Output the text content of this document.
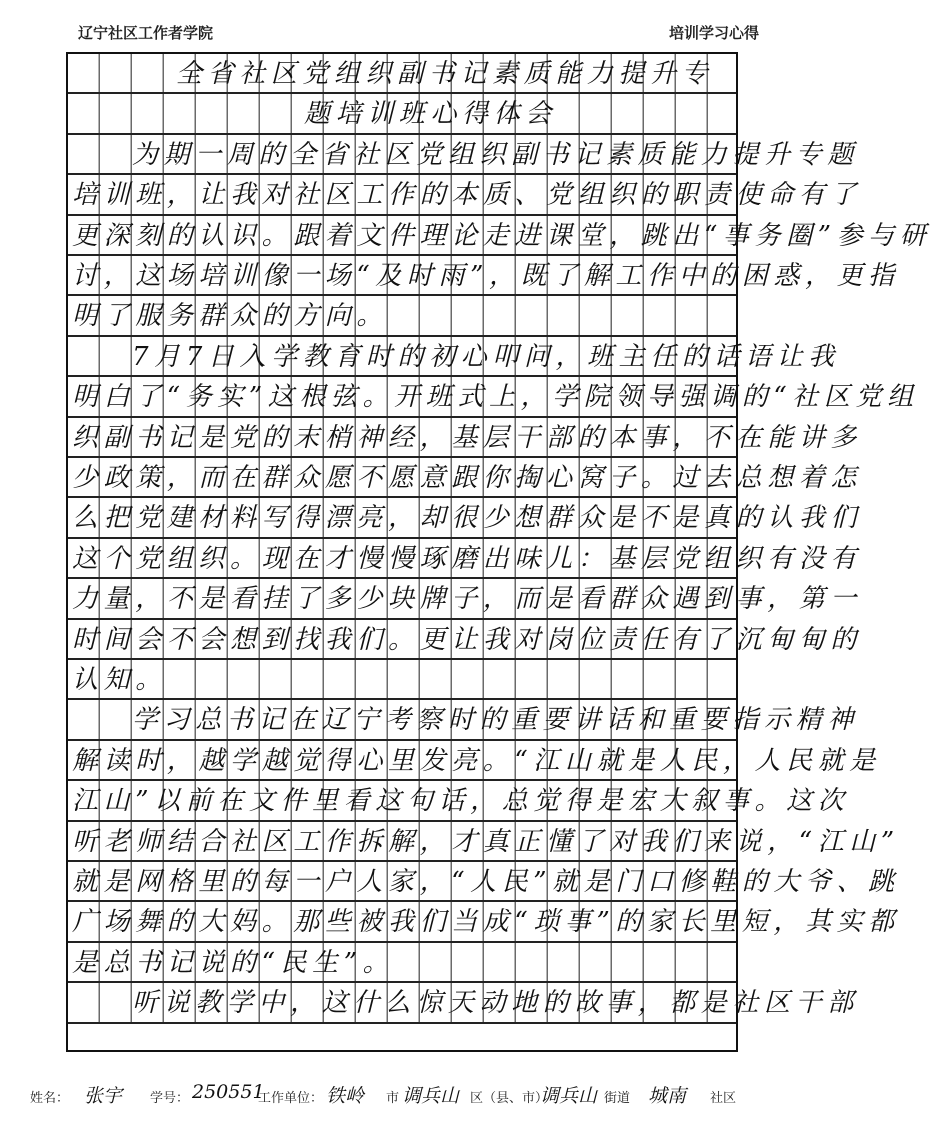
辽宁社区工作者学院	培训学习心得
全省社区党组织副书记素质能力提升专
题培训班心得体会
为期一周的全省社区党组织副书记素质能力提升专题
培训班，让我对社区工作的本质、党组织的职责使命有了
更深刻的认识。跟着文件理论走进课堂，跳出“事务圈”参与研
讨，这场培训像一场“及时雨”，既了解工作中的困惑，更指
明了服务群众的方向。
7月7日入学教育时的初心叩问，班主任的话语让我
明白了“务实”这根弦。开班式上，学院领导强调的“社区党组
织副书记是党的末梢神经，基层干部的本事，不在能讲多
少政策，而在群众愿不愿意跟你掏心窝子。过去总想着怎
么把党建材料写得漂亮，却很少想群众是不是真的认我们
这个党组织。现在才慢慢琢磨出味儿：基层党组织有没有
力量，不是看挂了多少块牌子，而是看群众遇到事，第一
时间会不会想到找我们。更让我对岗位责任有了沉甸甸的
认知。
学习总书记在辽宁考察时的重要讲话和重要指示精神
解读时，越学越觉得心里发亮。“江山就是人民，人民就是
江山”以前在文件里看这句话，总觉得是宏大叙事。这次
听老师结合社区工作拆解，才真正懂了对我们来说，“江山”
就是网格里的每一户人家，“人民”就是门口修鞋的大爷、跳
广场舞的大妈。那些被我们当成“琐事”的家长里短，其实都
是总书记说的“民生”。
听说教学中，这什么惊天动地的故事，都是社区干部
姓名： 张宇 学号： 250551
工作单位： 铁岭 市 调兵山 区（县、市）
调兵山 街道 城南 社区
